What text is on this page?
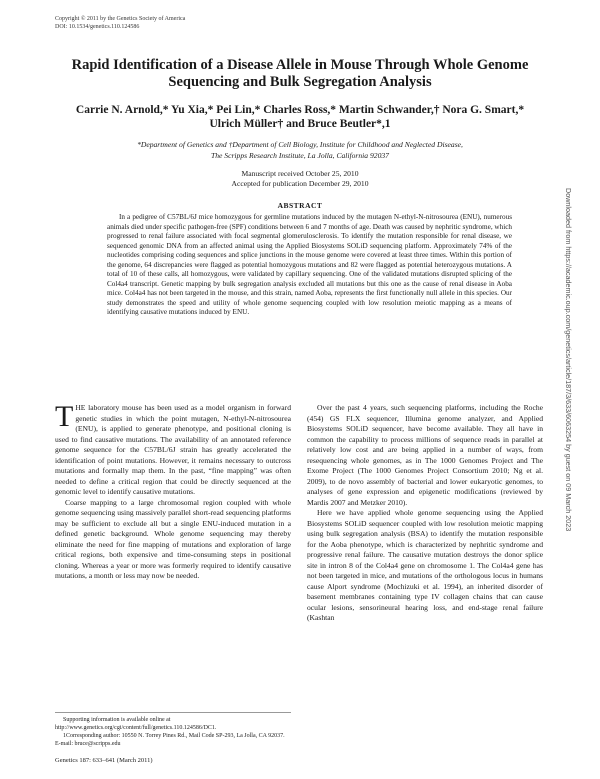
Copyright © 2011 by the Genetics Society of America
DOI: 10.1534/genetics.110.124586
Rapid Identification of a Disease Allele in Mouse Through Whole Genome Sequencing and Bulk Segregation Analysis
Carrie N. Arnold,* Yu Xia,* Pei Lin,* Charles Ross,* Martin Schwander,† Nora G. Smart,*
Ulrich Müller† and Bruce Beutler*,1
*Department of Genetics and †Department of Cell Biology, Institute for Childhood and Neglected Disease,
The Scripps Research Institute, La Jolla, California 92037
Manuscript received October 25, 2010
Accepted for publication December 29, 2010
ABSTRACT

In a pedigree of C57BL/6J mice homozygous for germline mutations induced by the mutagen N-ethyl-N-nitrosourea (ENU), numerous animals died under specific pathogen-free (SPF) conditions between 6 and 7 months of age. Death was caused by nephritic syndrome, which progressed to renal failure associated with focal segmental glomerulosclerosis. To identify the mutation responsible for renal disease, we sequenced genomic DNA from an affected animal using the Applied Biosystems SOLiD sequencing platform. Approximately 74% of the nucleotides comprising coding sequences and splice junctions in the mouse genome were covered at least three times. Within this portion of the genome, 64 discrepancies were flagged as potential homozygous mutations and 82 were flagged as potential heterozygous mutations. A total of 10 of these calls, all homozygous, were validated by capillary sequencing. One of the validated mutations disrupted splicing of the Col4a4 transcript. Genetic mapping by bulk segregation analysis excluded all mutations but this one as the cause of renal disease in Aoba mice. Col4a4 has not been targeted in the mouse, and this strain, named Aoba, represents the first functionally null allele in this species. Our study demonstrates the speed and utility of whole genome sequencing coupled with low resolution meiotic mapping as a means of identifying causative mutations induced by ENU.

THE laboratory mouse has been used as a model organism in forward genetic studies in which the point mutagen, N-ethyl-N-nitrosourea (ENU), is applied to generate phenotype, and positional cloning is used to find causative mutations. The availability of an annotated reference genome sequence for the C57BL/6J strain has greatly accelerated the identification of point mutations. However, it remains necessary to outcross mutations and formally map them. In the past, “fine mapping” was often needed to define a critical region that could be directly sequenced at the genomic level to identify causative mutations.

Coarse mapping to a large chromosomal region coupled with whole genome sequencing using massively parallel short-read sequencing platforms may be sufficient to exclude all but a single ENU-induced mutation in a defined genetic background. Whole genome sequencing may thereby eliminate the need for fine mapping of mutations and exploration of large critical regions, both expensive and time-consuming steps in positional cloning. Whereas a year or more was formerly required to identify causative mutations, a month or less may now be needed.

Over the past 4 years, such sequencing platforms, including the Roche (454) GS FLX sequencer, Illumina genome analyzer, and Applied Biosystems SOLiD sequencer, have become available. They all have in common the capability to process millions of sequence reads in parallel at relatively low cost and are being applied in a number of ways, from resequencing whole genomes, as in The 1000 Genomes Project and The Exome Project (The 1000 Genomes Project Consortium 2010; Ng et al. 2009), to de novo assembly of bacterial and lower eukaryotic genomes, to analyses of gene expression and epigenetic modifications (reviewed by Mardis 2007 and Metzker 2010).

Here we have applied whole genome sequencing using the Applied Biosystems SOLiD sequencer coupled with low resolution meiotic mapping using bulk segregation analysis (BSA) to identify the mutation responsible for the Aoba phenotype, which is characterized by nephritic syndrome and progressive renal failure. The causative mutation destroys the donor splice site in intron 8 of the Col4a4 gene on chromosome 1. The Col4a4 gene has not been targeted in mice, and mutations of the orthologous locus in humans cause Alport syndrome (Mochizuki et al. 1994), an inherited disorder of basement membranes containing type IV collagen chains that can cause ocular lesions, sensorineural hearing loss, and end-stage renal failure (Kashtan

Supporting information is available online at http://www.genetics.org/cgi/content/full/genetics.110.124586/DC1.

1Corresponding author: 10550 N. Torrey Pines Rd., Mail Code SP-293, La Jolla, CA 92037. E-mail: bruce@scripps.edu

Genetics 187: 633–641 (March 2011)
Downloaded from https://academic.oup.com/genetics/article/187/3/633/6063254 by guest on 09 March 2023
